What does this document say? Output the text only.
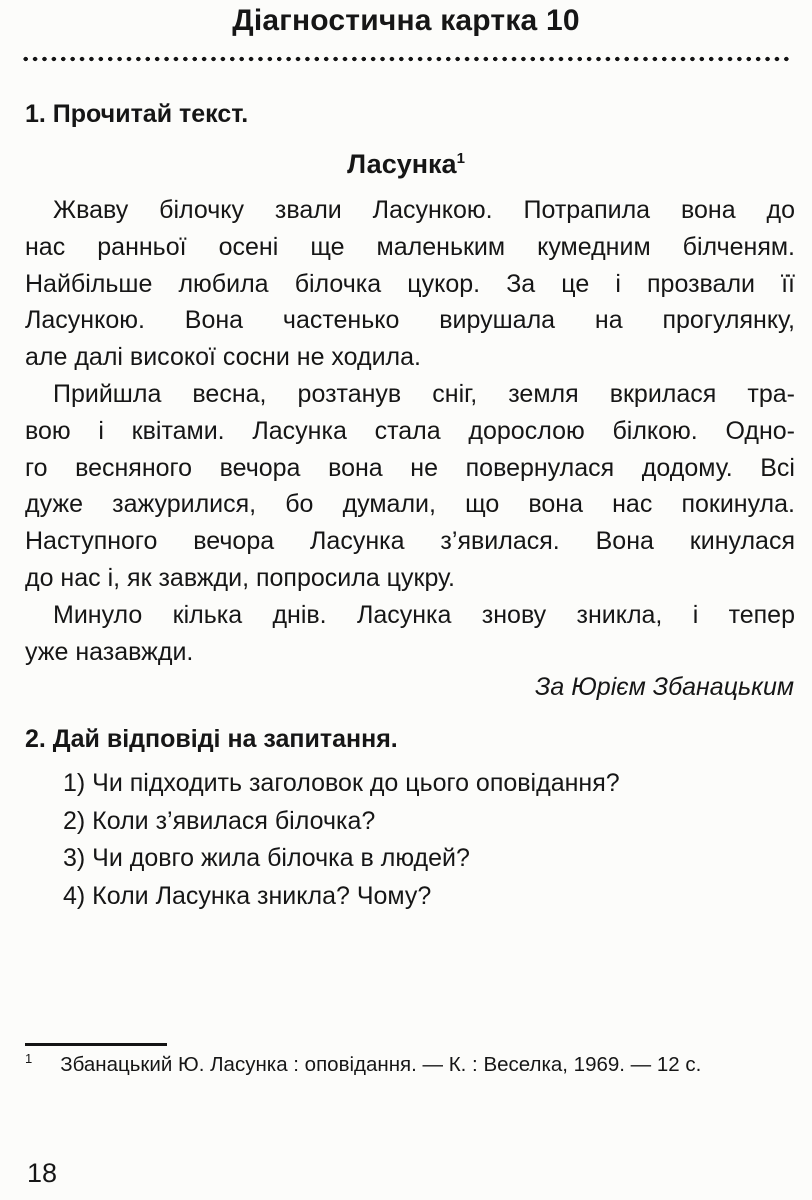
Діагностична картка 10
1. Прочитай текст.
Ласунка$^1$
Жваву білочку звали Ласункою. Потрапила вона до
нас ранньої осені ще маленьким кумедним білченям.
Найбільше любила білочка цукор. За це і прозвали її
Ласункою. Вона частенько вирушала на прогулянку,
але далі високої сосни не ходила.
Прийшла весна, розтанув сніг, земля вкрилася тра-
вою і квітами. Ласунка стала дорослою білкою. Одно-
го весняного вечора вона не повернулася додому. Всі
дуже зажурилися, бо думали, що вона нас покинула.
Наступного вечора Ласунка з’явилася. Вона кинулася
до нас і, як завжди, попросила цукру.
Минуло кілька днів. Ласунка знову зникла, і тепер
уже назавжди.
За Юрієм Збанацьким
2. Дай відповіді на запитання.
1) Чи підходить заголовок до цього оповідання?
2) Коли з’явилася білочка?
3) Чи довго жила білочка в людей?
4) Коли Ласунка зникла? Чому?
$^1$ Збанацький Ю. Ласунка : оповідання. — К. : Веселка, 1969. — 12 с.
18
